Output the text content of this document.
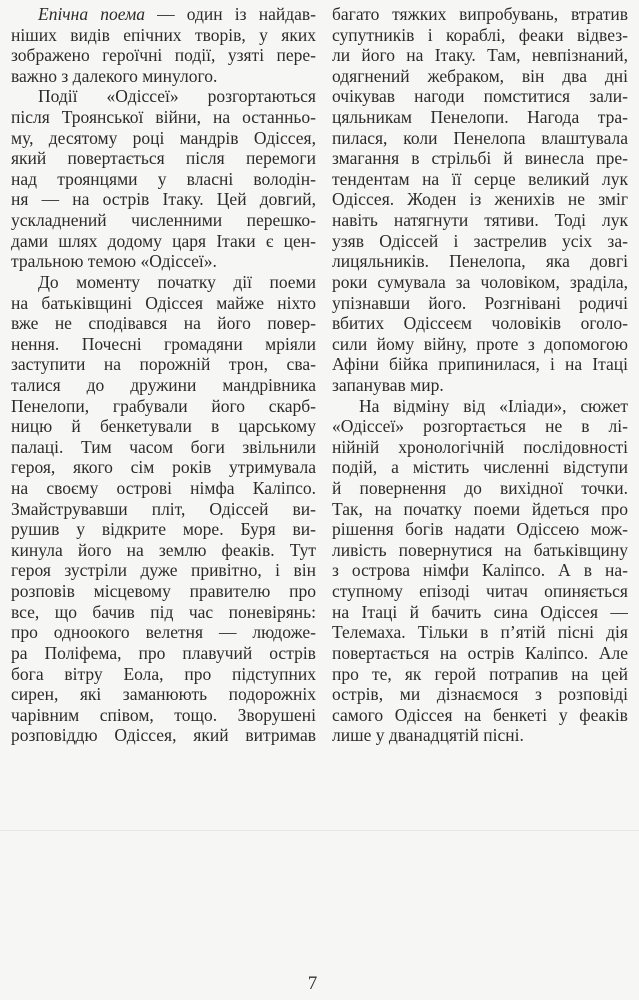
Епічна поема — один із найдав-
ніших видів епічних творів, у яких
зображено героїчні події, узяті пере-
важно з далекого минулого.
Події «Одіссеї» розгортаються
після Троянської війни, на останньо-
му, десятому році мандрів Одіссея,
який повертається після перемоги
над троянцями у власні володін-
ня — на острів Ітаку. Цей довгий,
ускладнений численними перешко-
дами шлях додому царя Ітаки є цен-
тральною темою «Одіссеї».
До моменту початку дії поеми
на батьківщині Одіссея майже ніхто
вже не сподівався на його повер-
нення. Почесні громадяни мріяли
заступити на порожній трон, сва-
талися до дружини мандрівника
Пенелопи, грабували його скарб-
ницю й бенкетували в царському
палаці. Тим часом боги звільнили
героя, якого сім років утримувала
на своєму острові німфа Каліпсо.
Змайструвавши пліт, Одіссей ви-
рушив у відкрите море. Буря ви-
кинула його на землю феаків. Тут
героя зустріли дуже привітно, і він
розповів місцевому правителю про
все, що бачив під час поневірянь:
про одноокого велетня — людоже-
ра Поліфема, про плавучий острів
бога вітру Еола, про підступних
сирен, які заманюють подорожніх
чарівним співом, тощо. Зворушені
розповіддю Одіссея, який витримав
багато тяжких випробувань, втратив
супутників і кораблі, феаки відвез-
ли його на Ітаку. Там, невпізнаний,
одягнений жебраком, він два дні
очікував нагоди помститися зали-
цяльникам Пенелопи. Нагода тра-
пилася, коли Пенелопа влаштувала
змагання в стрільбі й винесла пре-
тендентам на її серце великий лук
Одіссея. Жоден із женихів не зміг
навіть натягнути тятиви. Тоді лук
узяв Одіссей і застрелив усіх за-
лицяльників. Пенелопа, яка довгі
роки сумувала за чоловіком, зраділа,
упізнавши його. Розгнівані родичі
вбитих Одіссеєм чоловіків оголо-
сили йому війну, проте з допомогою
Афіни бійка припинилася, і на Ітаці
запанував мир.
На відміну від «Іліади», сюжет
«Одіссеї» розгортається не в лі-
нійній хронологічній послідовності
подій, а містить численні відступи
й повернення до вихідної точки.
Так, на початку поеми йдеться про
рішення богів надати Одіссею мож-
ливість повернутися на батьківщину
з острова німфи Каліпсо. А в на-
ступному епізоді читач опиняється
на Ітаці й бачить сина Одіссея —
Телемаха. Тільки в п’ятій пісні дія
повертається на острів Каліпсо. Але
про те, як герой потрапив на цей
острів, ми дізнаємося з розповіді
самого Одіссея на бенкеті у феаків
лише у дванадцятій пісні.
7
